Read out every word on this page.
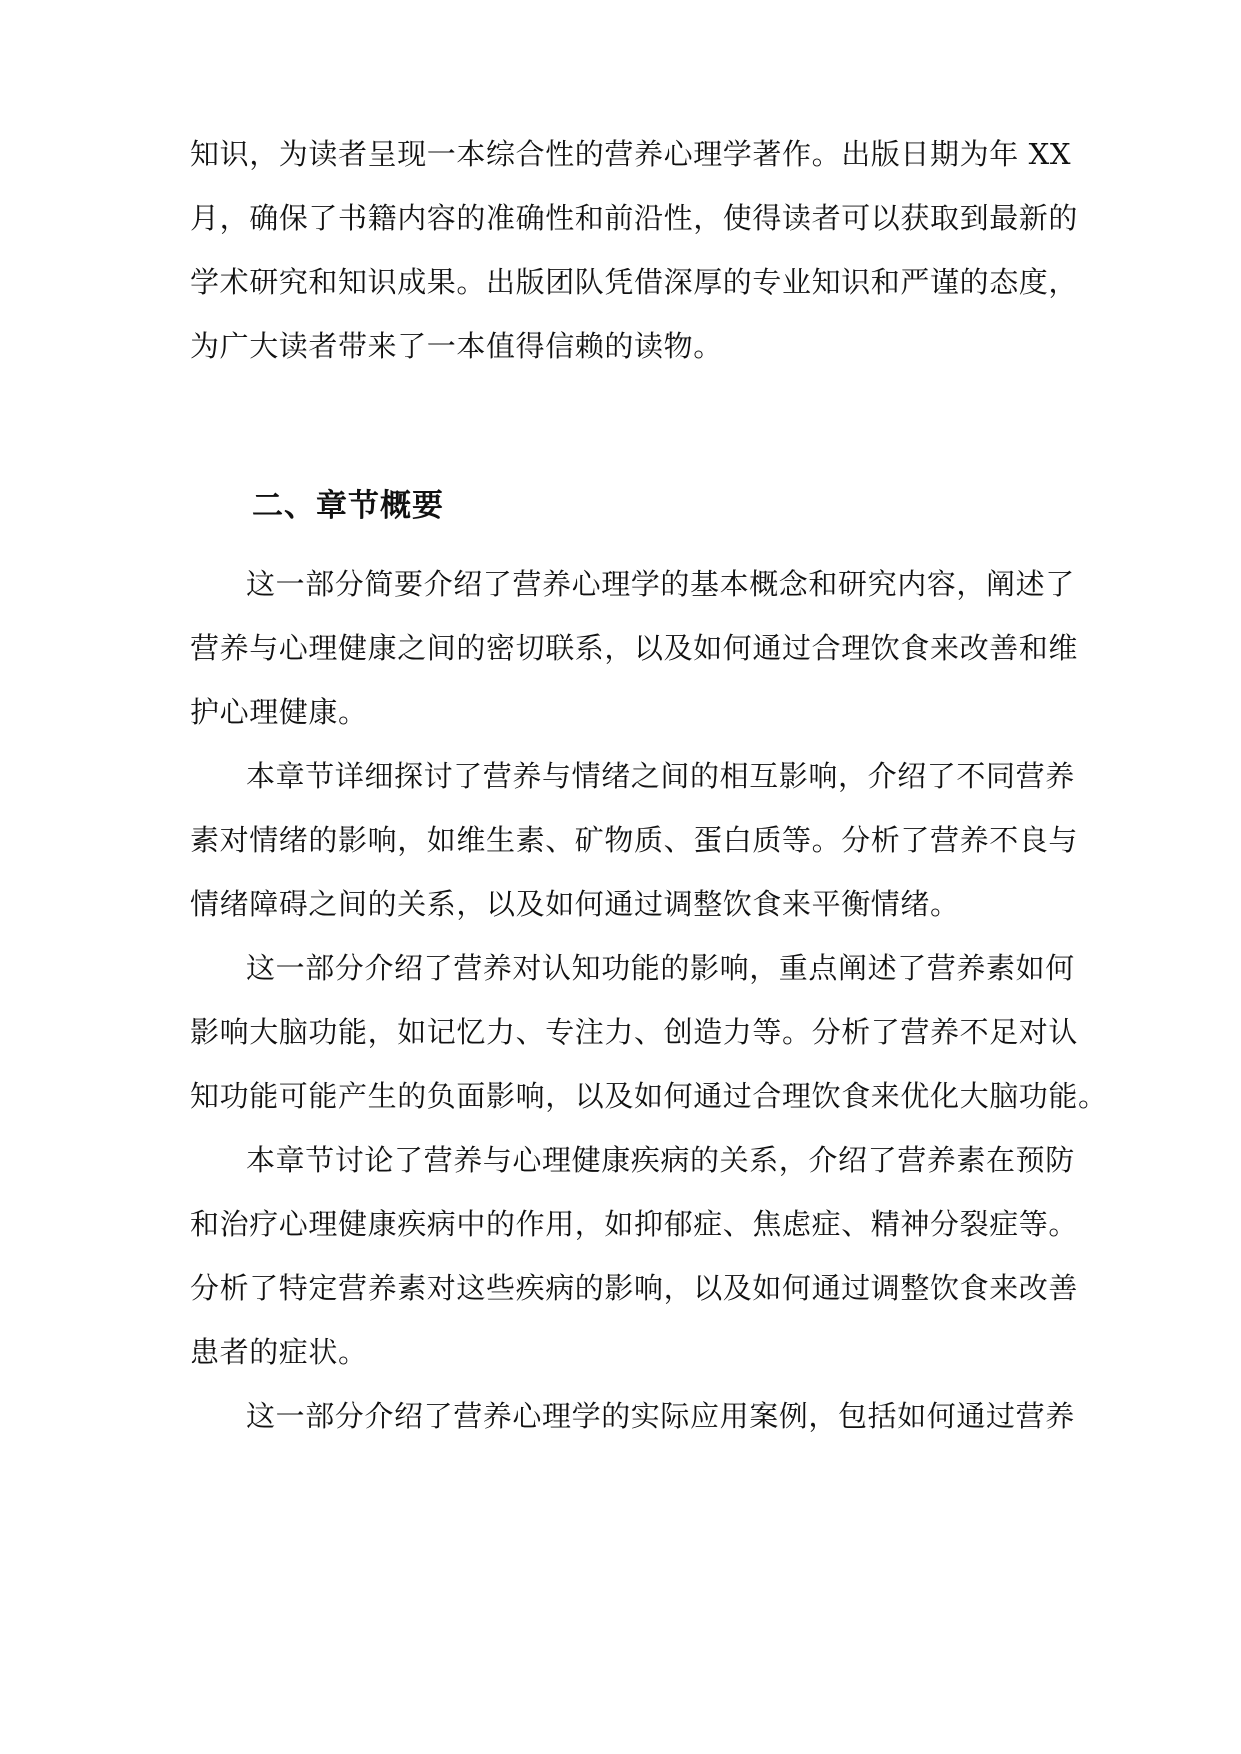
知识，为读者呈现一本综合性的营养心理学著作。出版日期为年 XX
月，确保了书籍内容的准确性和前沿性，使得读者可以获取到最新的
学术研究和知识成果。出版团队凭借深厚的专业知识和严谨的态度，
为广大读者带来了一本值得信赖的读物。
二、章节概要
这一部分简要介绍了营养心理学的基本概念和研究内容，阐述了
营养与心理健康之间的密切联系，以及如何通过合理饮食来改善和维
护心理健康。
本章节详细探讨了营养与情绪之间的相互影响，介绍了不同营养
素对情绪的影响，如维生素、矿物质、蛋白质等。分析了营养不良与
情绪障碍之间的关系，以及如何通过调整饮食来平衡情绪。
这一部分介绍了营养对认知功能的影响，重点阐述了营养素如何
影响大脑功能，如记忆力、专注力、创造力等。分析了营养不足对认
知功能可能产生的负面影响，以及如何通过合理饮食来优化大脑功能。
本章节讨论了营养与心理健康疾病的关系，介绍了营养素在预防
和治疗心理健康疾病中的作用，如抑郁症、焦虑症、精神分裂症等。
分析了特定营养素对这些疾病的影响，以及如何通过调整饮食来改善
患者的症状。
这一部分介绍了营养心理学的实际应用案例，包括如何通过营养
